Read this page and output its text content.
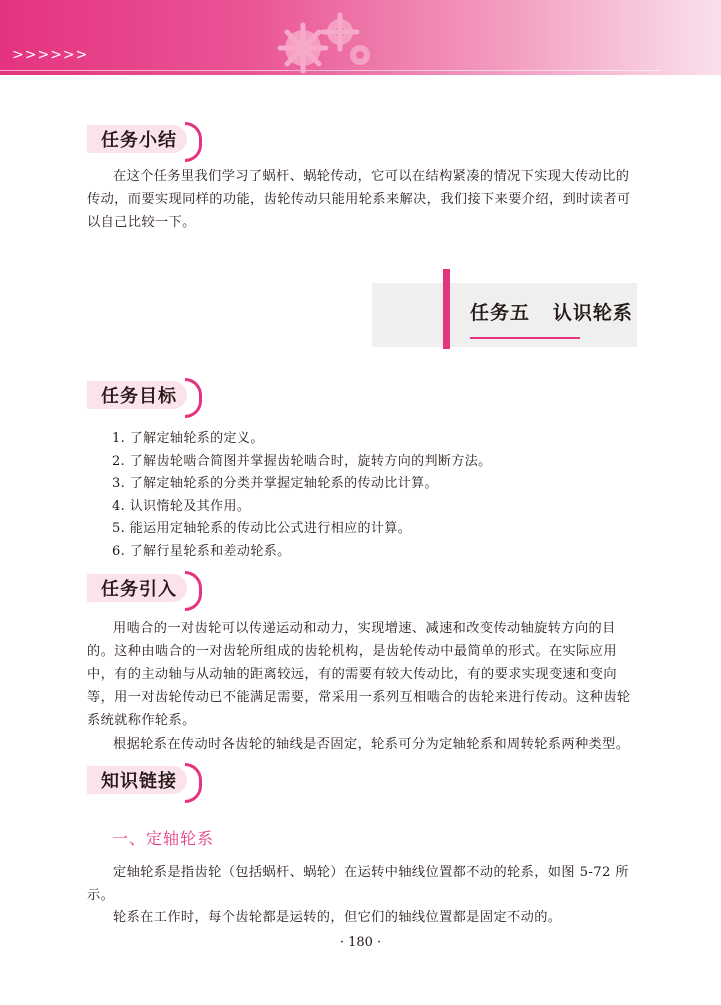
>>>>>>
任务小结
在这个任务里我们学习了蜗杆、蜗轮传动，它可以在结构紧凑的情况下实现大传动比的传动，而要实现同样的功能，齿轮传动只能用轮系来解决，我们接下来要介绍，到时读者可以自己比较一下。
任务五   认识轮系
任务目标
1. 了解定轴轮系的定义。
2. 了解齿轮啮合简图并掌握齿轮啮合时，旋转方向的判断方法。
3. 了解定轴轮系的分类并掌握定轴轮系的传动比计算。
4. 认识惰轮及其作用。
5. 能运用定轴轮系的传动比公式进行相应的计算。
6. 了解行星轮系和差动轮系。
任务引入
用啮合的一对齿轮可以传递运动和动力，实现增速、减速和改变传动轴旋转方向的目的。这种由啮合的一对齿轮所组成的齿轮机构，是齿轮传动中最简单的形式。在实际应用中，有的主动轴与从动轴的距离较远，有的需要有较大传动比，有的要求实现变速和变向等，用一对齿轮传动已不能满足需要，常采用一系列互相啮合的齿轮来进行传动。这种齿轮系统就称作轮系。
根据轮系在传动时各齿轮的轴线是否固定，轮系可分为定轴轮系和周转轮系两种类型。
知识链接
一、定轴轮系
定轴轮系是指齿轮（包括蜗杆、蜗轮）在运转中轴线位置都不动的轮系，如图 5-72 所示。
轮系在工作时，每个齿轮都是运转的，但它们的轴线位置都是固定不动的。
· 180 ·
